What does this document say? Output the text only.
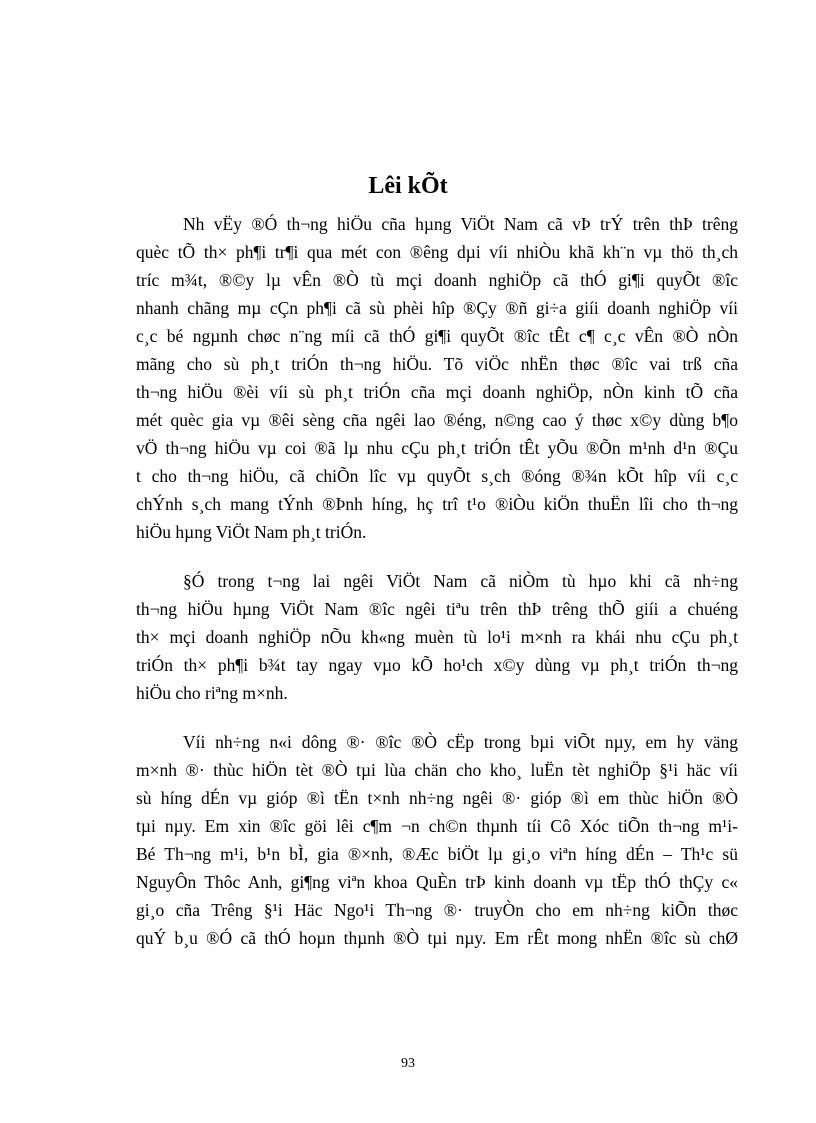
Lêi kÕt
Nh vËy ®Ó th¬ng hiÖu cña hµng ViÖt Nam cã vÞ trÝ trên thÞ trêng
quèc tÕ th× ph¶i tr¶i qua mét con ®êng dµi víi nhiÒu khã kh¨n vµ thö th¸ch
tríc m¾t, ®©y lµ vÊn ®Ò tù mçi doanh nghiÖp cã thÓ gi¶i quyÕt ®îc
nhanh chãng mµ cÇn ph¶i cã sù phèi hîp ®Çy ®ñ gi÷a giíi doanh nghiÖp víi
c¸c bé ngµnh chøc n¨ng míi cã thÓ gi¶i quyÕt ®îc tÊt c¶ c¸c vÊn ®Ò nÒn
mãng cho sù ph¸t triÓn th¬ng hiÖu. Tõ viÖc nhËn thøc ®îc vai trß cña
th¬ng hiÖu ®èi víi sù ph¸t triÓn cña mçi doanh nghiÖp, nÒn kinh tÕ cña
mét quèc gia vµ ®êi sèng cña ngêi lao ®éng, n©ng cao ý thøc x©y dùng b¶o
vÖ th¬ng hiÖu vµ coi ®ã lµ nhu cÇu ph¸t triÓn tÊt yÕu ®Õn m¹nh d¹n ®Çu
t cho th¬ng hiÖu, cã chiÕn lîc vµ quyÕt s¸ch ®óng ®¾n kÕt hîp víi c¸c
chÝnh s¸ch mang tÝnh ®Þnh híng, hç trî t¹o ®iÒu kiÖn thuËn lîi cho th¬ng
hiÖu hµng ViÖt Nam ph¸t triÓn.
§Ó trong t¬ng lai ngêi ViÖt Nam cã niÒm tù hµo khi cã nh÷ng
th¬ng hiÖu hµng ViÖt Nam ®îc ngêi tiªu trên thÞ trêng thÕ giíi a chuéng
th× mçi doanh nghiÖp nÕu kh«ng muèn tù lo¹i m×nh ra khái nhu cÇu ph¸t
triÓn th× ph¶i b¾t tay ngay vµo kÕ ho¹ch x©y dùng vµ ph¸t triÓn th¬ng
hiÖu cho riªng m×nh.
Víi nh÷ng n«i dông ®· ®îc ®Ò cËp trong bµi viÕt nµy, em hy väng
m×nh ®· thùc hiÖn tèt ®Ò tµi lùa chän cho kho¸ luËn tèt nghiÖp §¹i häc víi
sù híng dÉn vµ gióp ®ì tËn t×nh nh÷ng ngêi ®· gióp ®ì em thùc hiÖn ®Ò
tµi nµy. Em xin ®îc göi lêi c¶m ¬n ch©n thµnh tíi Cô Xóc tiÕn th¬ng m¹i-
Bé Th¬ng m¹i, b¹n bÌ, gia ®×nh, ®Æc biÖt lµ gi¸o viªn híng dÉn – Th¹c sü
NguyÔn Thôc Anh, gi¶ng viªn khoa QuÈn trÞ kinh doanh vµ tËp thÓ thÇy c«
gi¸o cña Trêng §¹i Häc Ngo¹i Th¬ng ®· truyÒn cho em nh÷ng kiÕn thøc
quÝ b¸u ®Ó cã thÓ hoµn thµnh ®Ò tµi nµy. Em rÊt mong nhËn ®îc sù chØ
93
